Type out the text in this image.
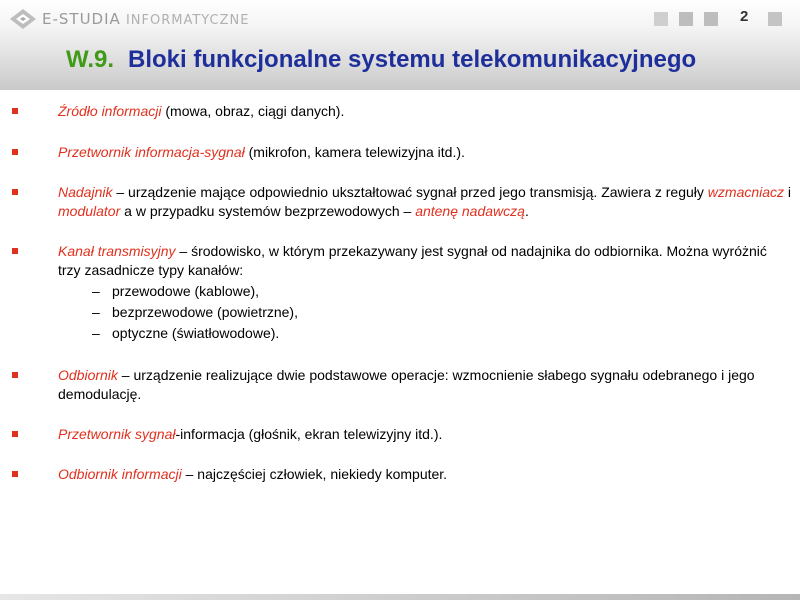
E-STUDIA INFORMATYCZNE	2
W.9. Bloki funkcjonalne systemu telekomunikacyjnego
Źródło informacji (mowa, obraz, ciągi danych).
Przetwornik informacja-sygnał (mikrofon, kamera telewizyjna itd.).
Nadajnik – urządzenie mające odpowiednio ukształtować sygnał przed jego transmisją. Zawiera z reguły wzmacniacz i modulator a w przypadku systemów bezprzewodowych – antenę nadawczą.
Kanał transmisyjny – środowisko, w którym przekazywany jest sygnał od nadajnika do odbiornika. Można wyróżnić trzy zasadnicze typy kanałów:
– przewodowe (kablowe),
– bezprzewodowe (powietrzne),
– optyczne (światłowodowe).
Odbiornik – urządzenie realizujące dwie podstawowe operacje: wzmocnienie słabego sygnału odebranego i jego demodulację.
Przetwornik sygnał-informacja (głośnik, ekran telewizyjny itd.).
Odbiornik informacji – najczęściej człowiek, niekiedy komputer.
